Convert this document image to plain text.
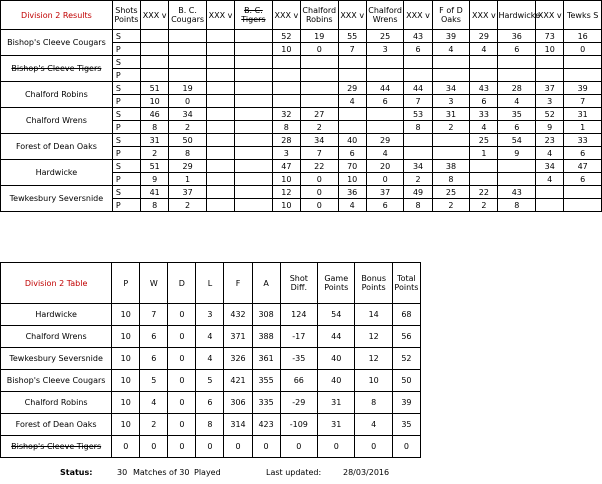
Division 2 Results	Shots Points	XXX v	B. C. Cougars	XXX v	B. C. Tigers	XXX v	Chalford Robins	XXX v	Chalford Wrens	XXX v	F of D Oaks	XXX v	Hardwicke	XXX v	Tewks S
Bishop's Cleeve Cougars	S					52	19	55	25	43	39	29	36	73	16
	P					10	0	7	3	6	4	4	6	10	0
Bishop's Cleeve Tigers	S														
	P														
Chalford Robins	S	51	19					29	44	44	34	43	28	37	39
	P	10	0					4	6	7	3	6	4	3	7
Chalford Wrens	S	46	34			32	27			53	31	33	35	52	31
	P	8	2			8	2			8	2	4	6	9	1
Forest of Dean Oaks	S	31	50			28	34	40	29			25	54	23	33
	P	2	8			3	7	6	4			1	9	4	6
Hardwicke	S	51	29			47	22	70	20	34	38			34	47
	P	9	1			10	0	10	0	2	8			4	6
Tewkesbury Seversnide	S	41	37			12	0	36	37	49	25	22	43		
	P	8	2			10	0	4	6	8	2	2	8		
Division 2 Table	P	W	D	L	F	A	Shot Diff.	Game Points	Bonus Points	Total Points
Hardwicke	10	7	0	3	432	308	124	54	14	68
Chalford Wrens	10	6	0	4	371	388	-17	44	12	56
Tewkesbury Seversnide	10	6	0	4	326	361	-35	40	12	52
Bishop's Cleeve Cougars	10	5	0	5	421	355	66	40	10	50
Chalford Robins	10	4	0	6	306	335	-29	31	8	39
Forest of Dean Oaks	10	2	0	8	314	423	-109	31	4	35
Bishop's Cleeve Tigers	0	0	0	0	0	0	0	0	0	0
Status:	30 Matches of 30 Played	Last updated:	28/03/2016
